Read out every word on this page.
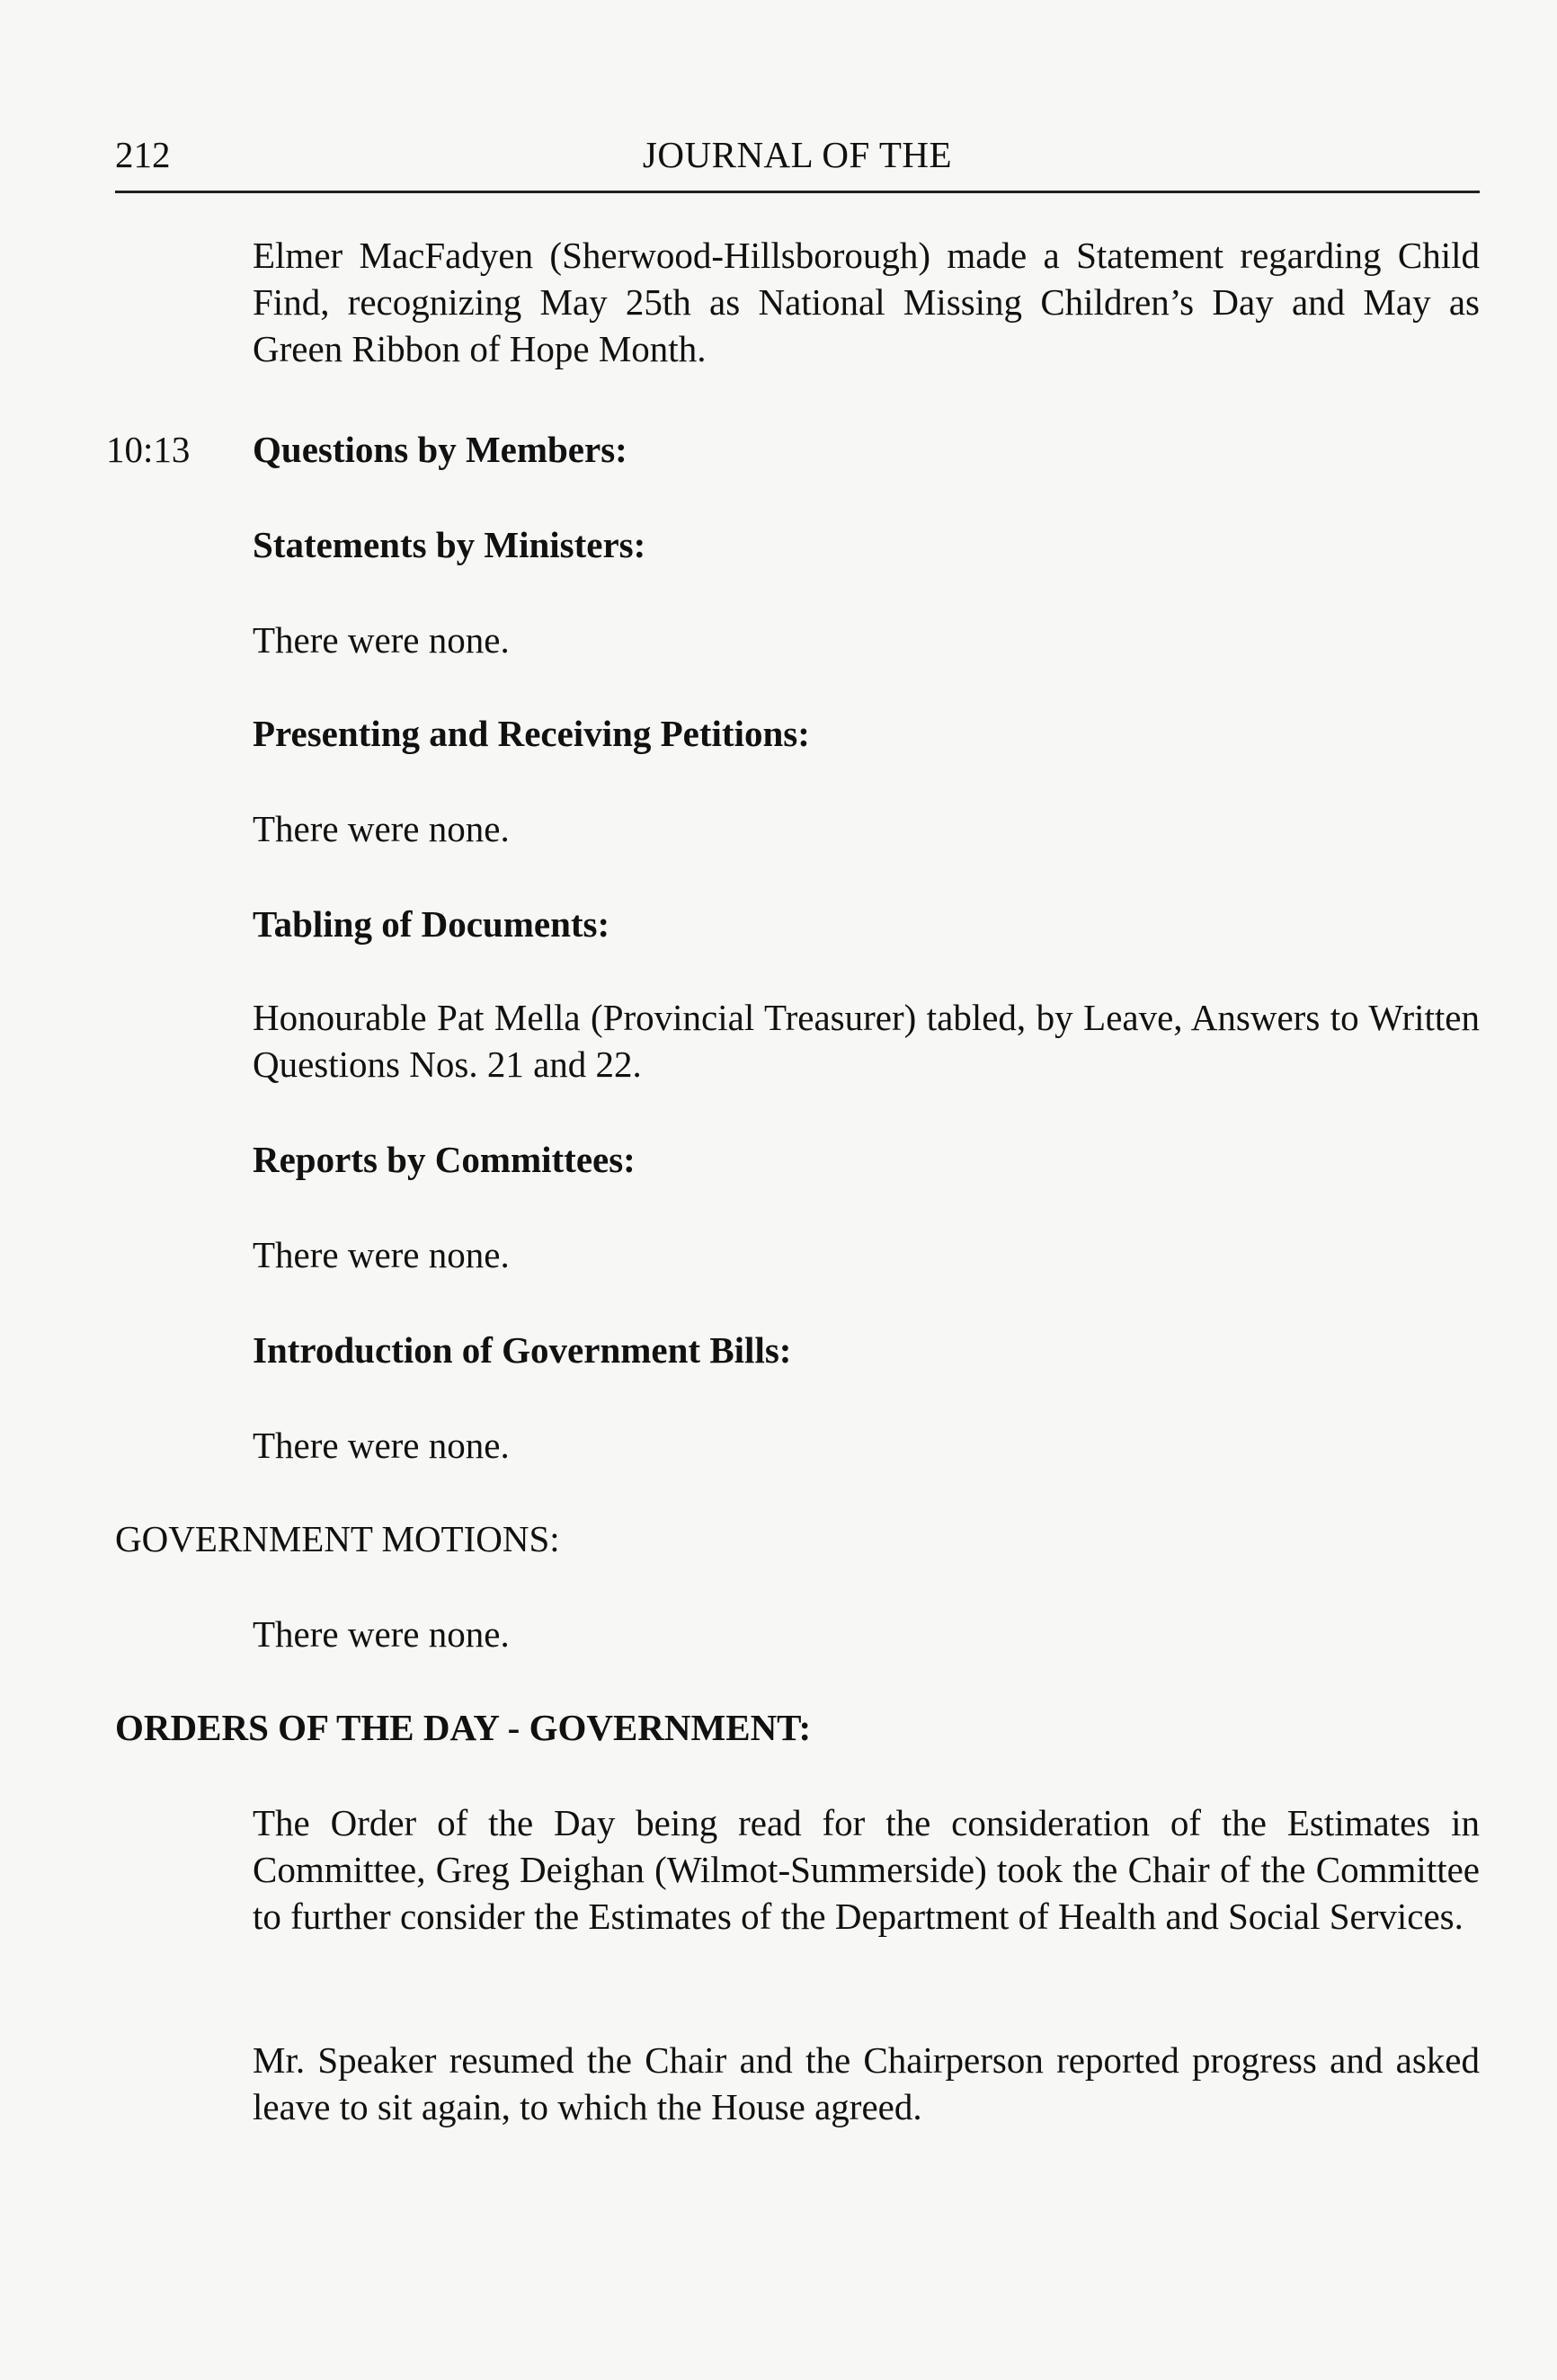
212	JOURNAL OF THE

Elmer MacFadyen (Sherwood-Hillsborough) made a Statement regarding Child Find, recognizing May 25th as National Missing Children’s Day and May as Green Ribbon of Hope Month.

10:13 Questions by Members:

Statements by Ministers:

There were none.

Presenting and Receiving Petitions:

There were none.

Tabling of Documents:

Honourable Pat Mella (Provincial Treasurer) tabled, by Leave, Answers to Written Questions Nos. 21 and 22.

Reports by Committees:

There were none.

Introduction of Government Bills:

There were none.

GOVERNMENT MOTIONS:

There were none.

ORDERS OF THE DAY - GOVERNMENT:

The Order of the Day being read for the consideration of the Estimates in Committee, Greg Deighan (Wilmot-Summerside) took the Chair of the Committee to further consider the Estimates of the Department of Health and Social Services.

Mr. Speaker resumed the Chair and the Chairperson reported progress and asked leave to sit again, to which the House agreed.
